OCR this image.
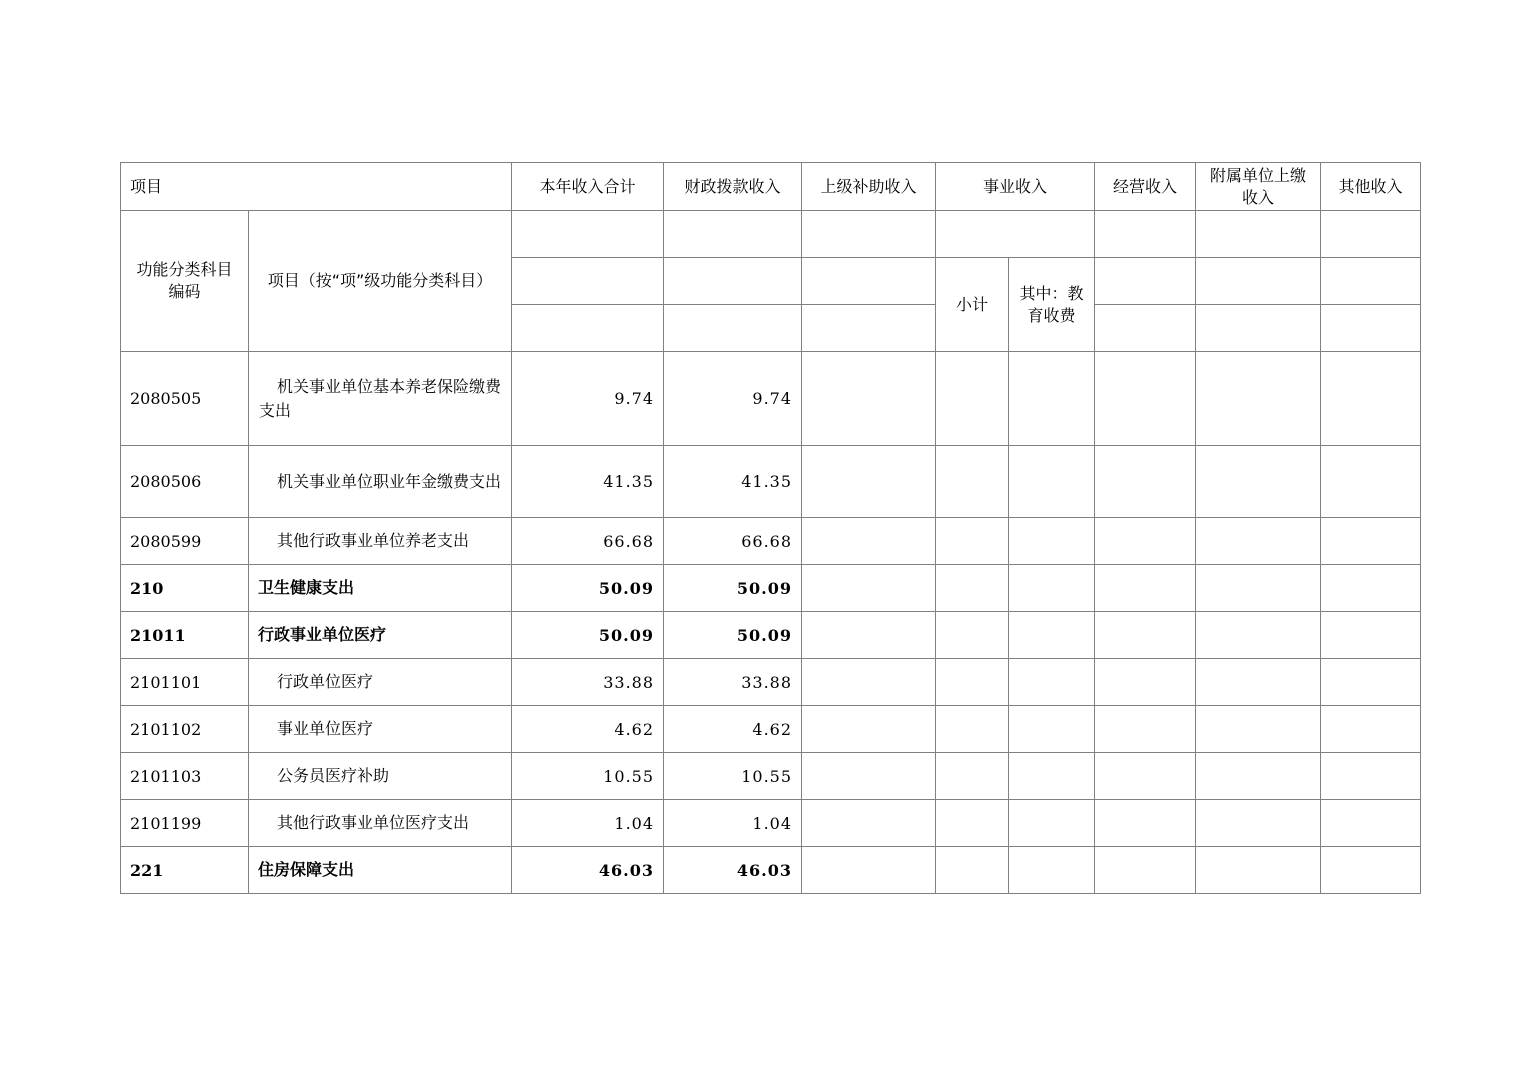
项目		本年收入合计	财政拨款收入	上级补助收入	事业收入		经营收入	附属单位上缴收入	其他收入
功能分类科目编码	项目（按“项”级功能分类科目）								
					小计	其中：教育收费			

2080505	机关事业单位基本养老保险缴费支出	9.74	9.74						
2080506	机关事业单位职业年金缴费支出	41.35	41.35						
2080599	其他行政事业单位养老支出	66.68	66.68						
210	卫生健康支出	50.09	50.09						
21011	行政事业单位医疗	50.09	50.09						
2101101	行政单位医疗	33.88	33.88						
2101102	事业单位医疗	4.62	4.62						
2101103	公务员医疗补助	10.55	10.55						
2101199	其他行政事业单位医疗支出	1.04	1.04						
221	住房保障支出	46.03	46.03						
